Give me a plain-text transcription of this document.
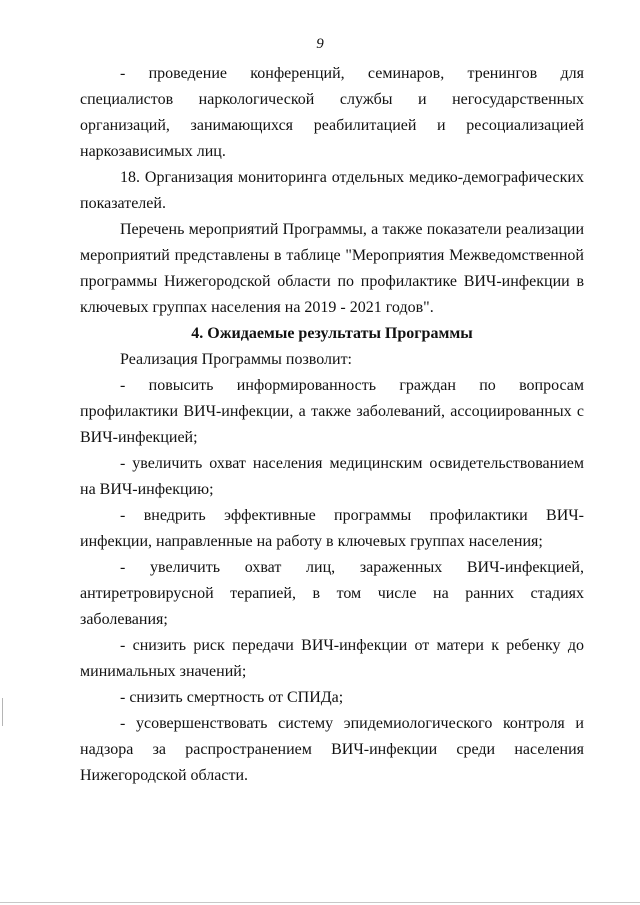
9

- проведение конференций, семинаров, тренингов для специалистов наркологической службы и негосударственных организаций, занимающихся реабилитацией и ресоциализацией наркозависимых лиц.

18. Организация мониторинга отдельных медико-демографических показателей.

Перечень мероприятий Программы, а также показатели реализации мероприятий представлены в таблице "Мероприятия Межведомственной программы Нижегородской области по профилактике ВИЧ-инфекции в ключевых группах населения на 2019 - 2021 годов".

4. Ожидаемые результаты Программы

Реализация Программы позволит:

- повысить информированность граждан по вопросам профилактики ВИЧ-инфекции, а также заболеваний, ассоциированных с ВИЧ-инфекцией;

- увеличить охват населения медицинским освидетельствованием на ВИЧ-инфекцию;

- внедрить эффективные программы профилактики ВИЧ-инфекции, направленные на работу в ключевых группах населения;

- увеличить охват лиц, зараженных ВИЧ-инфекцией, антиретровирусной терапией, в том числе на ранних стадиях заболевания;

- снизить риск передачи ВИЧ-инфекции от матери к ребенку до минимальных значений;

- снизить смертность от СПИДа;

- усовершенствовать систему эпидемиологического контроля и надзора за распространением ВИЧ-инфекции среди населения Нижегородской области.
